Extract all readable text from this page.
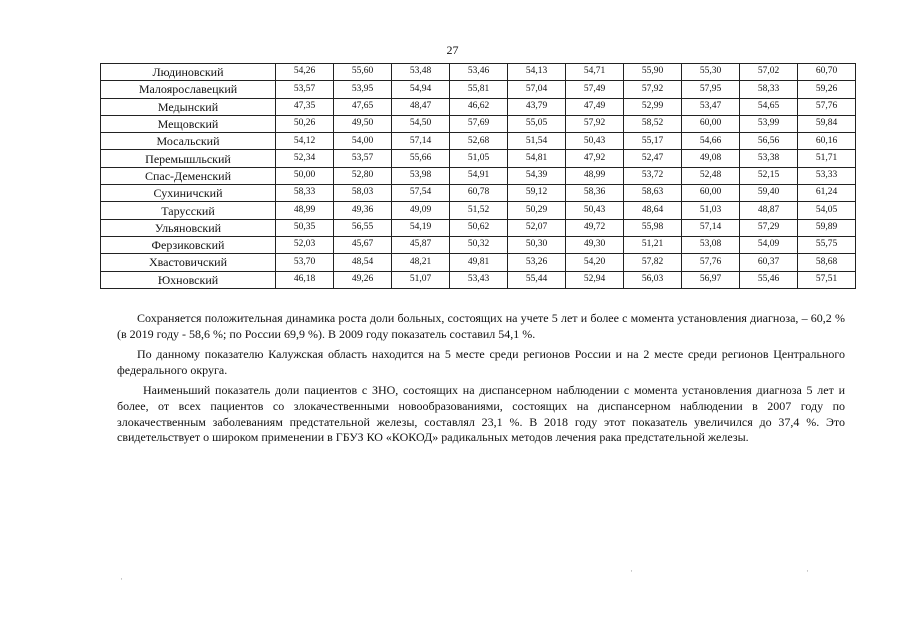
27
Людиновский	54,26	55,60	53,48	53,46	54,13	54,71	55,90	55,30	57,02	60,70
Малоярославецкий	53,57	53,95	54,94	55,81	57,04	57,49	57,92	57,95	58,33	59,26
Медынский	47,35	47,65	48,47	46,62	43,79	47,49	52,99	53,47	54,65	57,76
Мещовский	50,26	49,50	54,50	57,69	55,05	57,92	58,52	60,00	53,99	59,84
Мосальский	54,12	54,00	57,14	52,68	51,54	50,43	55,17	54,66	56,56	60,16
Перемышльский	52,34	53,57	55,66	51,05	54,81	47,92	52,47	49,08	53,38	51,71
Спас-Деменский	50,00	52,80	53,98	54,91	54,39	48,99	53,72	52,48	52,15	53,33
Сухиничский	58,33	58,03	57,54	60,78	59,12	58,36	58,63	60,00	59,40	61,24
Тарусский	48,99	49,36	49,09	51,52	50,29	50,43	48,64	51,03	48,87	54,05
Ульяновский	50,35	56,55	54,19	50,62	52,07	49,72	55,98	57,14	57,29	59,89
Ферзиковский	52,03	45,67	45,87	50,32	50,30	49,30	51,21	53,08	54,09	55,75
Хвастовичский	53,70	48,54	48,21	49,81	53,26	54,20	57,82	57,76	60,37	58,68
Юхновский	46,18	49,26	51,07	53,43	55,44	52,94	56,03	56,97	55,46	57,51

Сохраняется положительная динамика роста доли больных, состоящих на учете 5 лет и более с момента установления диагноза, – 60,2 % (в 2019 году - 58,6 %; по России 69,9 %). В 2009 году показатель составил 54,1 %.

По данному показателю Калужская область находится на 5 месте среди регионов России и на 2 месте среди регионов Центрального федерального округа.

Наименьший показатель доли пациентов с ЗНО, состоящих на диспансерном наблюдении с момента установления диагноза 5 лет и более, от всех пациентов со злокачественными новообразованиями, состоящих на диспансерном наблюдении в 2007 году по злокачественным заболеваниям предстательной железы, составлял 23,1 %. В 2018 году этот показатель увеличился до 37,4 %. Это свидетельствует о широком применении в ГБУЗ КО «КОКОД» радикальных методов лечения рака предстательной железы.

·
·	·
